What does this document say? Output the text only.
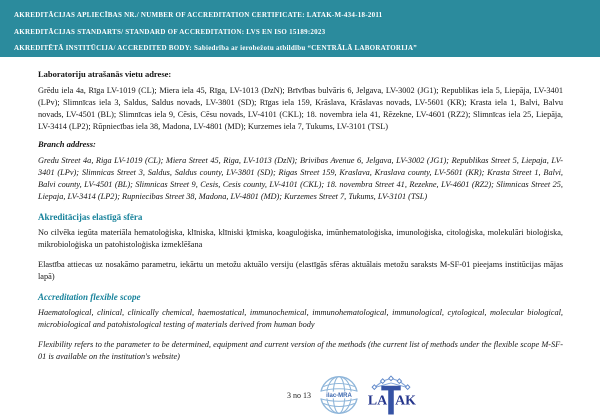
AKREDITĀCIJAS APLIECĪBAS NR./ NUMBER OF ACCREDITATION CERTIFICATE: LATAK-M-434-18-2011
AKREDITĀCIJAS STANDARTS/ STANDARD OF ACCREDITATION: LVS EN ISO 15189:2023
AKREDITĒTĀ INSTITŪCIJA/ ACCREDITED BODY: Sabiedrība ar ierobežotu atbildību “CENTRĀLĀ LABORATORIJA”
Laboratoriju atrašanās vietu adrese:

Grēdu iela 4a, Rīga LV-1019 (CL); Miera iela 45, Rīga, LV-1013 (DzN); Brīvības bulvāris 6, Jelgava, LV-3002 (JG1); Republikas iela 5, Liepāja, LV-3401 (LPv); Slimnīcas iela 3, Saldus, Saldus novads, LV-3801 (SD); Rīgas iela 159, Krāslava, Krāslavas novads, LV-5601 (KR); Krasta iela 1, Balvi, Balvu novads, LV-4501 (BL); Slimnīcas iela 9, Cēsis, Cēsu novads, LV-4101 (CKL); 18. novembra iela 41, Rēzekne, LV-4601 (RZ2); Slimnīcas iela 25, Liepāja, LV-3414 (LP2); Rūpniecības iela 38, Madona, LV-4801 (MD); Kurzemes iela 7, Tukums, LV-3101 (TSL)

Branch address:

Gredu Street 4a, Riga LV-1019 (CL); Miera Street 45, Riga, LV-1013 (DzN); Brivibas Avenue 6, Jelgava, LV-3002 (JG1); Republikas Street 5, Liepaja, LV-3401 (LPv); Slimnicas Street 3, Saldus, Saldus county, LV-3801 (SD); Rigas Street 159, Kraslava, Kraslava county, LV-5601 (KR); Krasta Street 1, Balvi, Balvi county, LV-4501 (BL); Slimnicas Street 9, Cesis, Cesis county, LV-4101 (CKL); 18. novembra Street 41, Rezekne, LV-4601 (RZ2); Slimnicas Street 25, Liepaja, LV-3414 (LP2); Rupniecibas Street 38, Madona, LV-4801 (MD); Kurzemes Street 7, Tukums, LV-3101 (TSL)

Akreditācijas elastīgā sfēra

No cilvēka iegūta materiāla hematoloģiska, klīniska, klīniski ķīmiska, koaguloģiska, imūnhematoloģiska, imunoloģiska, citoloģiska, molekulāri bioloģiska, mikrobioloģiska un patohistoloģiska izmeklēšana

Elastība attiecas uz nosakāmo parametru, iekārtu un metožu aktuālo versiju (elastīgās sfēras aktuālais metožu saraksts M-SF-01 pieejams institūcijas mājas lapā)

Accreditation flexible scope

Haematological, clinical, clinically chemical, haemostatical, immunochemical, immunohematological, immunological, cytological, molecular biological, microbiological and patohistological testing of materials derived from human body

Flexibility refers to the parameter to be determined, equipment and current version of the methods (the current list of methods under the flexible scope M-SF-01 is available on the institution's website)

3 no 13	ilac-MRA LA AK
